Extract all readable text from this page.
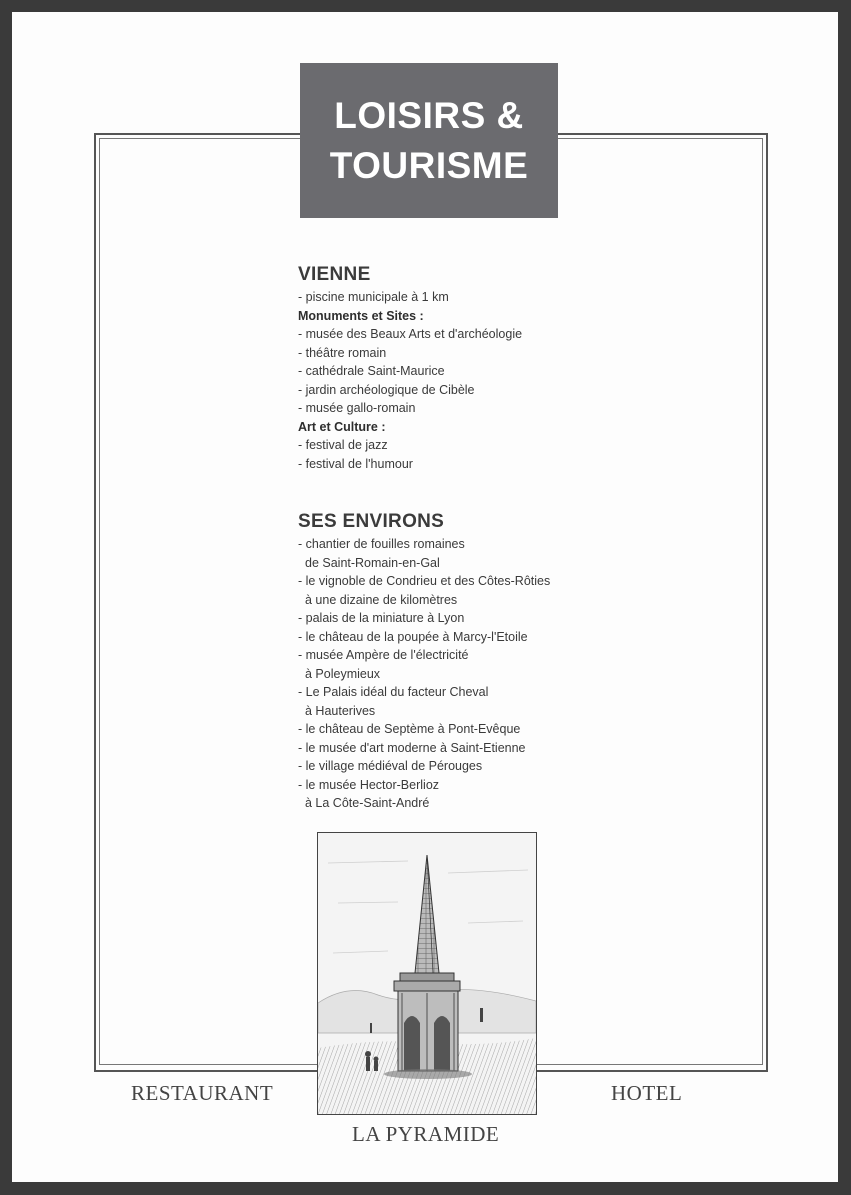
LOISIRS &
TOURISME
VIENNE
- piscine municipale à 1 km
Monuments et Sites :
- musée des Beaux Arts et d'archéologie
- théâtre romain
- cathédrale Saint-Maurice
- jardin archéologique de Cibèle
- musée gallo-romain
Art et Culture :
- festival de jazz
- festival de l'humour
SES ENVIRONS
- chantier de fouilles romaines
de Saint-Romain-en-Gal
- le vignoble de Condrieu et des Côtes-Rôties
à une dizaine de kilomètres
- palais de la miniature à Lyon
- le château de la poupée à Marcy-l'Etoile
- musée Ampère de l'électricité
à Poleymieux
- Le Palais idéal du facteur Cheval
à Hauterives
- le château de Septème à Pont-Evêque
- le musée d'art moderne à Saint-Etienne
- le village médiéval de Pérouges
- le musée Hector-Berlioz
à La Côte-Saint-André
RESTAURANT	HOTEL
LA PYRAMIDE
